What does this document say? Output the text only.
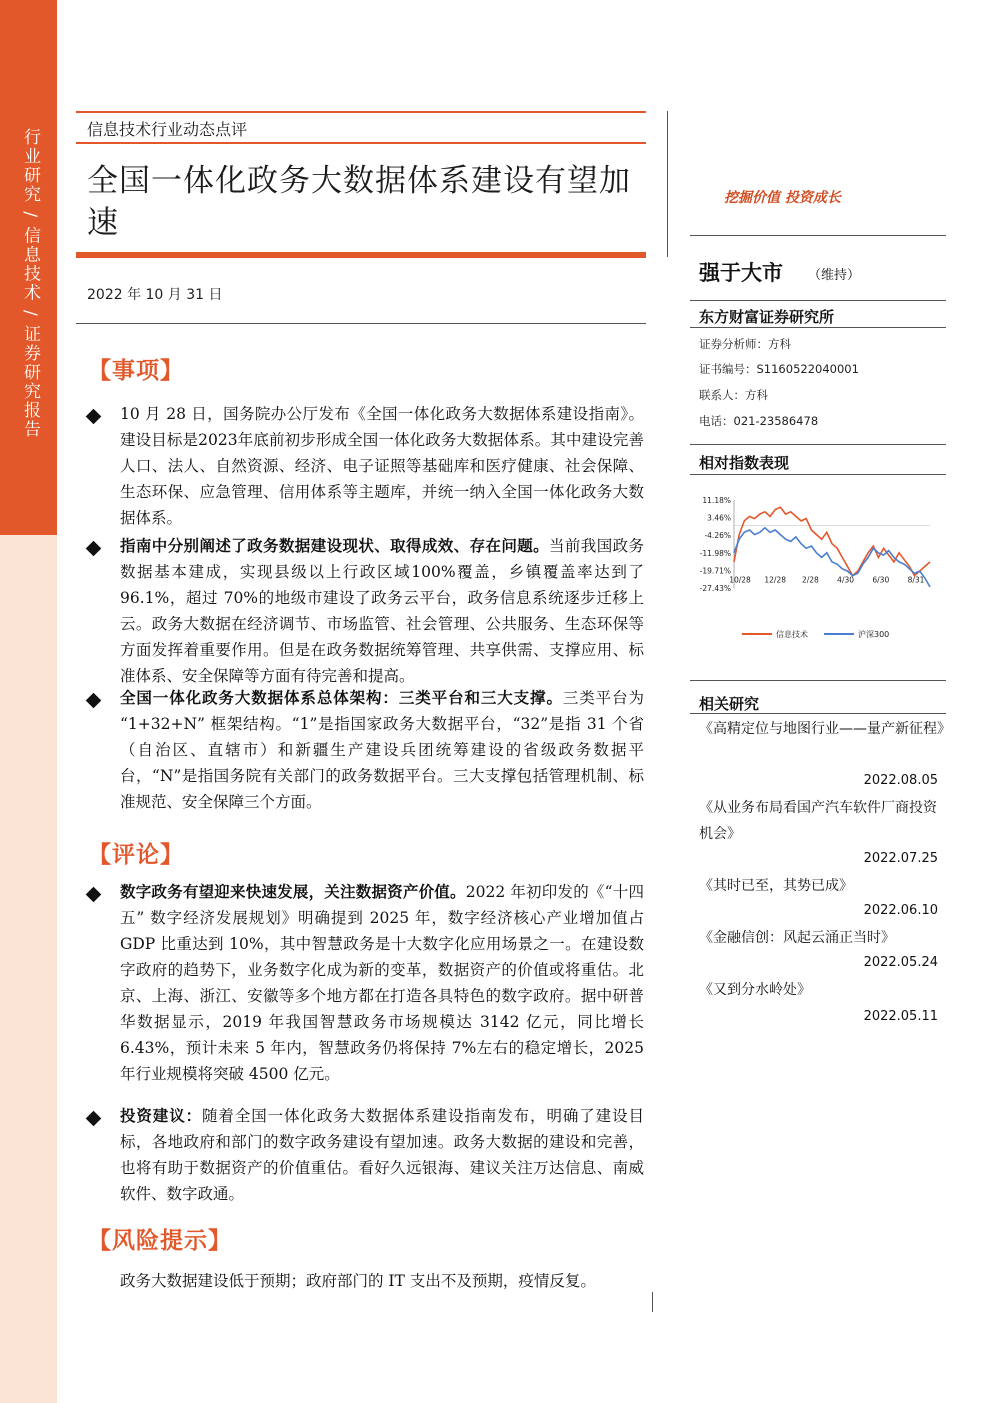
行业研究 / 信息技术 / 证券研究报告	信息技术行业动态点评
全国一体化政务大数据体系建设有望加速
2022 年 10 月 31 日
【事项】
10 月 28 日，国务院办公厅发布《全国一体化政务大数据体系建设指南》。建设目标是2023年底前初步形成全国一体化政务大数据体系。其中建设完善人口、法人、自然资源、经济、电子证照等基础库和医疗健康、社会保障、生态环保、应急管理、信用体系等主题库，并统一纳入全国一体化政务大数据体系。
指南中分别阐述了政务数据建设现状、取得成效、存在问题。当前我国政务数据基本建成，实现县级以上行政区域100%覆盖，乡镇覆盖率达到了96.1%，超过 70%的地级市建设了政务云平台，政务信息系统逐步迁移上云。政务大数据在经济调节、市场监管、社会管理、公共服务、生态环保等方面发挥着重要作用。但是在政务数据统筹管理、共享供需、支撑应用、标准体系、安全保障等方面有待完善和提高。
全国一体化政务大数据体系总体架构：三类平台和三大支撑。三类平台为 “1+32+N” 框架结构。“1”是指国家政务大数据平台，“32”是指 31 个省（自治区、直辖市）和新疆生产建设兵团统筹建设的省级政务数据平台，“N”是指国务院有关部门的政务数据平台。三大支撑包括管理机制、标准规范、安全保障三个方面。
【评论】
数字政务有望迎来快速发展，关注数据资产价值。2022 年初印发的《“十四五” 数字经济发展规划》明确提到 2025 年，数字经济核心产业增加值占 GDP 比重达到 10%，其中智慧政务是十大数字化应用场景之一。在建设数字政府的趋势下，业务数字化成为新的变革，数据资产的价值或将重估。北京、上海、浙江、安徽等多个地方都在打造各具特色的数字政府。据中研普华数据显示，2019 年我国智慧政务市场规模达 3142 亿元，同比增长 6.43%，预计未来 5 年内，智慧政务仍将保持 7%左右的稳定增长，2025 年行业规模将突破 4500 亿元。
投资建议：随着全国一体化政务大数据体系建设指南发布，明确了建设目标，各地政府和部门的数字政务建设有望加速。政务大数据的建设和完善，也将有助于数据资产的价值重估。看好久远银海、建议关注万达信息、南威软件、数字政通。
【风险提示】
政务大数据建设低于预期；政府部门的 IT 支出不及预期，疫情反复。
挖掘价值 投资成长
强于大市 （维持）
东方财富证券研究所
证券分析师：方科
证书编号：S1160522040001
联系人：方科
电话：021-23586478
相对指数表现
11.18%
3.46%
-4.26%
-11.98%
-19.71%
-27.43%
10/28 12/28 2/28 4/30 6/30 8/31
信息技术	沪深300
相关研究
《高精定位与地图行业——量产新征程》
2022.08.05
《从业务布局看国产汽车软件厂商投资机会》
2022.07.25
《其时已至，其势已成》
2022.06.10
《金融信创：风起云涌正当时》
2022.05.24
《又到分水岭处》
2022.05.11
